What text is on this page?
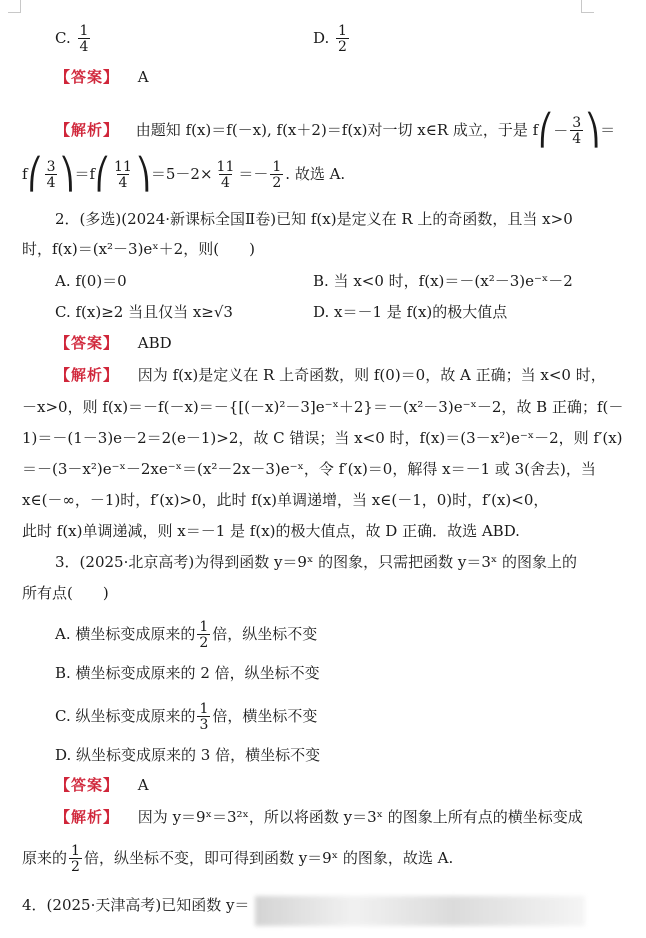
C. $\frac{1}{4}$	D. $\frac{1}{2}$
【答案】 A
【解析】 由题知 f(x)＝f(－x), f(x＋2)＝f(x)对一切 x∈R 成立，于是 f ⎛ － $\frac{3}{4}$ ⎞ ＝
f ⎛ $\frac{3}{4}$ ⎞ ＝f ⎛ $\frac{11}{4}$ ⎞ $=5-2\times \frac{11}{4} =- \frac{1}{2}$ . 故选 A.
2．(多选)(2024·新课标全国Ⅱ卷)已知 f(x)是定义在 R 上的奇函数，且当 x>0
时，f(x)＝(x²－3)eˣ＋2，则(　　)
A. f(0)＝0	B. 当 x<0 时，f(x)＝－(x²－3)e⁻ˣ－2
C. f(x)≥2 当且仅当 x≥√3	D. x＝－1 是 f(x)的极大值点
【答案】 ABD
【解析】 因为 f(x)是定义在 R 上奇函数，则 f(0)＝0，故 A 正确；当 x<0 时，
－x>0，则 f(x)＝－f(－x)＝－{[(－x)²－3]e⁻ˣ＋2}＝－(x²－3)e⁻ˣ－2，故 B 正确；f(－
1)＝－(1－3)e－2＝2(e－1)>2，故 C 错误；当 x<0 时，f(x)＝(3－x²)e⁻ˣ－2，则 f′(x)
＝－(3－x²)e⁻ˣ－2xe⁻ˣ＝(x²－2x－3)e⁻ˣ，令 f′(x)＝0，解得 x＝－1 或 3(舍去)，当
x∈(－∞，－1)时，f′(x)>0，此时 f(x)单调递增，当 x∈(－1，0)时，f′(x)<0，
此时 f(x)单调递减，则 x＝－1 是 f(x)的极大值点，故 D 正确．故选 ABD.
3．(2025·北京高考)为得到函数 y＝9ˣ 的图象，只需把函数 y＝3ˣ 的图象上的
所有点(　　)
A. 横坐标变成原来的 $\frac{1}{2}$ 倍，纵坐标不变
B. 横坐标变成原来的 2 倍，纵坐标不变
C. 纵坐标变成原来的 $\frac{1}{3}$ 倍，横坐标不变
D. 纵坐标变成原来的 3 倍，横坐标不变
【答案】 A
【解析】 因为 y＝9ˣ＝3²ˣ，所以将函数 y＝3ˣ 的图象上所有点的横坐标变成
原来的 $\frac{1}{2}$ 倍，纵坐标不变，即可得到函数 y＝9ˣ 的图象，故选 A.
4．(2025·天津高考)已知函数 y＝
